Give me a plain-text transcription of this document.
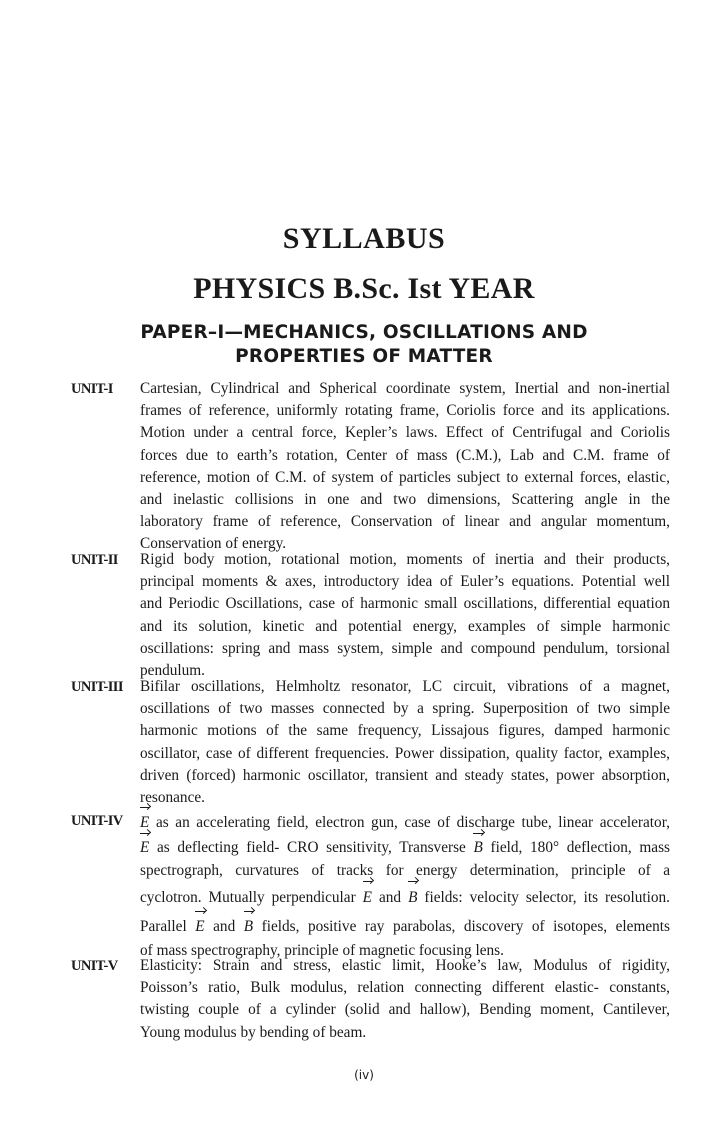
SYLLABUS
PHYSICS B.Sc. Ist YEAR
PAPER–I—MECHANICS, OSCILLATIONS AND
PROPERTIES OF MATTER
UNIT-I Cartesian, Cylindrical and Spherical coordinate system, Inertial and non-inertial
frames of reference, uniformly rotating frame, Coriolis force and its applications.
Motion under a central force, Kepler’s laws. Effect of Centrifugal and Coriolis
forces due to earth’s rotation, Center of mass (C.M.), Lab and C.M. frame of
reference, motion of C.M. of system of particles subject to external forces, elastic,
and inelastic collisions in one and two dimensions, Scattering angle in the
laboratory frame of reference, Conservation of linear and angular momentum,
Conservation of energy.
UNIT-II Rigid body motion, rotational motion, moments of inertia and their products,
principal moments & axes, introductory idea of Euler’s equations. Potential well
and Periodic Oscillations, case of harmonic small oscillations, differential equation
and its solution, kinetic and potential energy, examples of simple harmonic
oscillations: spring and mass system, simple and compound pendulum, torsional
pendulum.
UNIT-III Bifilar oscillations, Helmholtz resonator, LC circuit, vibrations of a magnet,
oscillations of two masses connected by a spring. Superposition of two simple
harmonic motions of the same frequency, Lissajous figures, damped harmonic
oscillator, case of different frequencies. Power dissipation, quality factor, examples,
driven (forced) harmonic oscillator, transient and steady states, power absorption,
resonance.
UNIT-IV E as an accelerating field, electron gun, case of discharge tube, linear accelerator,
E as deflecting field- CRO sensitivity, Transverse B field, 180° deflection, mass
spectrograph, curvatures of tracks for energy determination, principle of a
cyclotron. Mutually perpendicular E and B fields: velocity selector, its resolution.
Parallel E and B fields, positive ray parabolas, discovery of isotopes, elements
of mass spectrography, principle of magnetic focusing lens.
UNIT-V Elasticity: Strain and stress, elastic limit, Hooke’s law, Modulus of rigidity,
Poisson’s ratio, Bulk modulus, relation connecting different elastic- constants,
twisting couple of a cylinder (solid and hallow), Bending moment, Cantilever,
Young modulus by bending of beam.
(iv)
